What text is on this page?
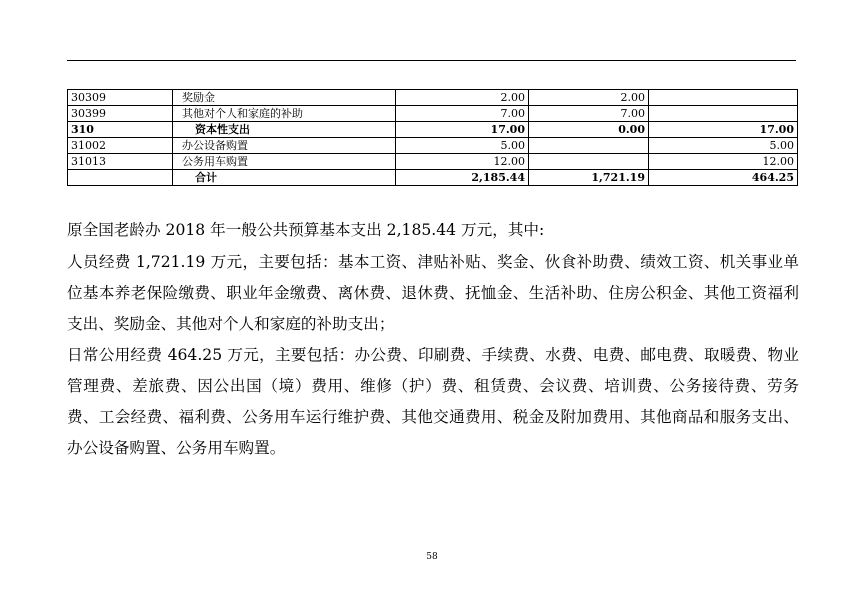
30309	奖励金	2.00	2.00	
30399	其他对个人和家庭的补助	7.00	7.00	
310	资本性支出	17.00	0.00	17.00
31002	办公设备购置	5.00		5.00
31013	公务用车购置	12.00		12.00
	合计	2,185.44	1,721.19	464.25

原全国老龄办 2018 年一般公共预算基本支出 2,185.44 万元，其中:

人员经费 1,721.19 万元，主要包括：基本工资、津贴补贴、奖金、伙食补助费、绩效工资、机关事业单位基本养老保险缴费、职业年金缴费、离休费、退休费、抚恤金、生活补助、住房公积金、其他工资福利支出、奖励金、其他对个人和家庭的补助支出；

日常公用经费 464.25 万元，主要包括：办公费、印刷费、手续费、水费、电费、邮电费、取暖费、物业管理费、差旅费、因公出国（境）费用、维修（护）费、租赁费、会议费、培训费、公务接待费、劳务费、工会经费、福利费、公务用车运行维护费、其他交通费用、税金及附加费用、其他商品和服务支出、办公设备购置、公务用车购置。

58
